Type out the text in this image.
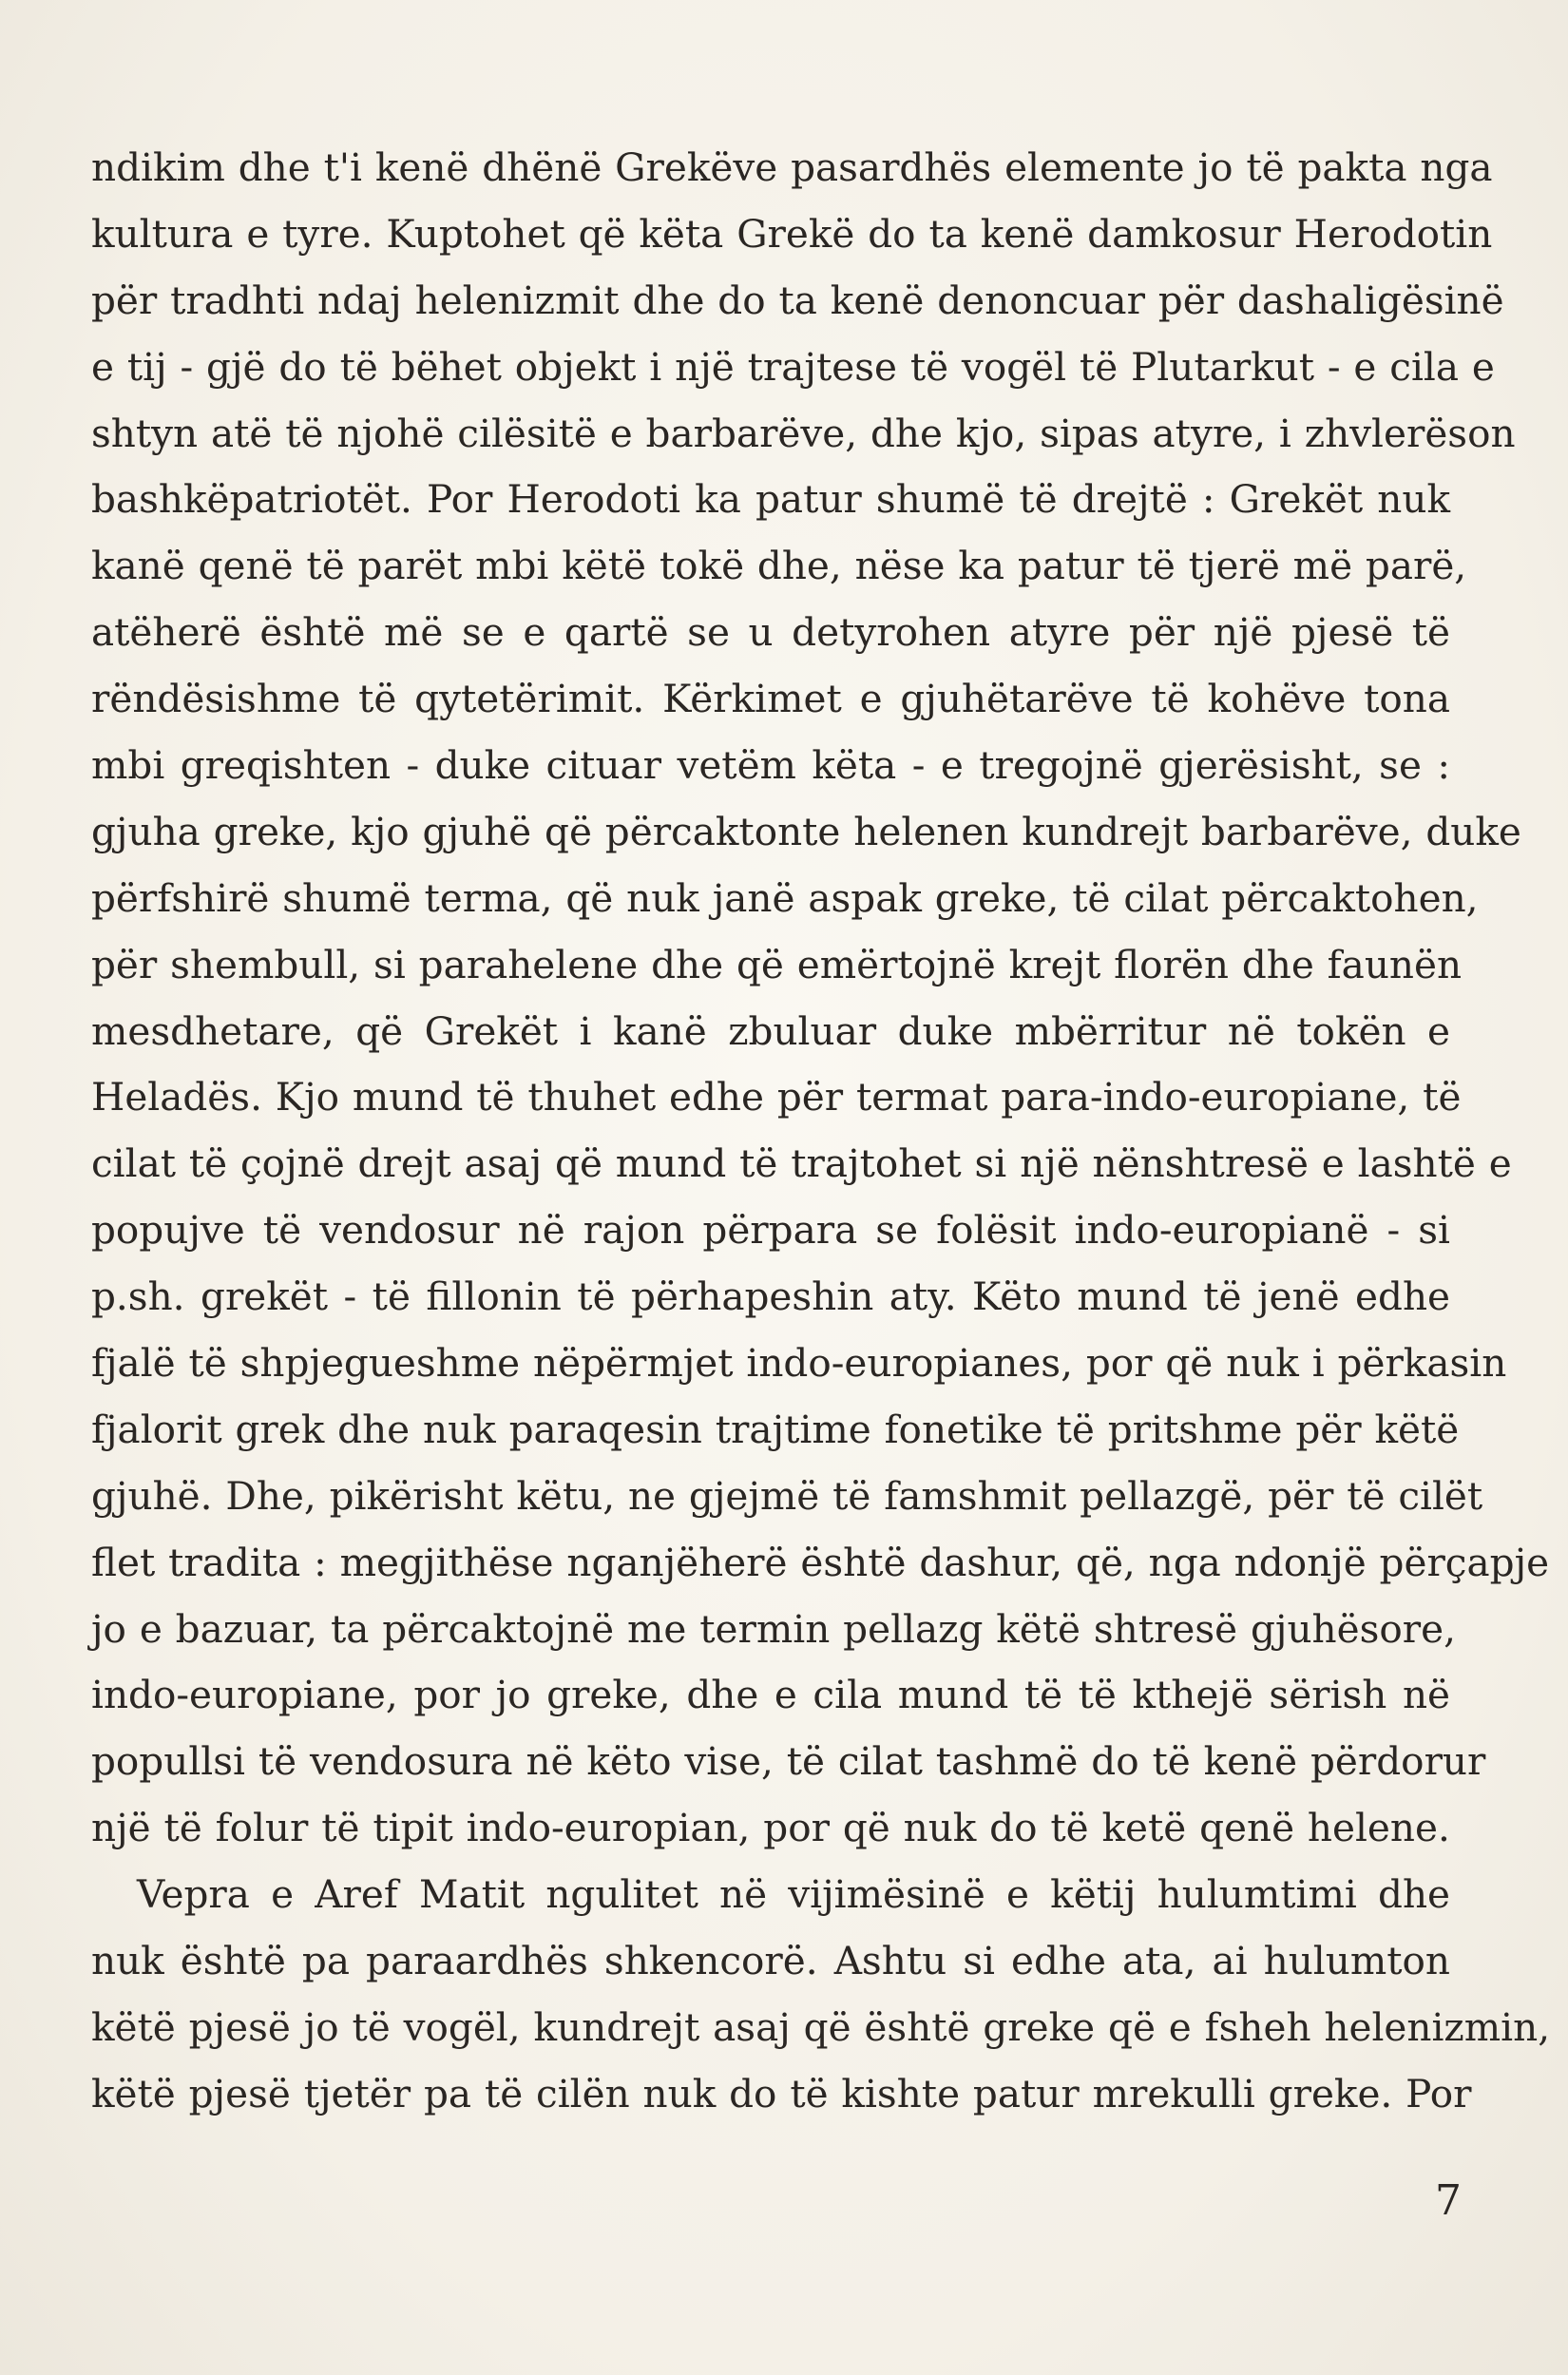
ndikim dhe t'i kenë dhënë Grekëve pasardhës elemente jo të pakta nga
kultura e tyre. Kuptohet që këta Grekë do ta kenë damkosur Herodotin
për tradhti ndaj helenizmit dhe do ta kenë denoncuar për dashaligësinë
e tij - gjë do të bëhet objekt i një trajtese të vogël të Plutarkut - e cila e
shtyn atë të njohë cilësitë e barbarëve, dhe kjo, sipas atyre, i zhvlerëson
bashkëpatriotët. Por Herodoti ka patur shumë të drejtë : Grekët nuk
kanë qenë të parët mbi këtë tokë dhe, nëse ka patur të tjerë më parë,
atëherë është më se e qartë se u detyrohen atyre për një pjesë të
rëndësishme të qytetërimit. Kërkimet e gjuhëtarëve të kohëve tona
mbi greqishten - duke cituar vetëm këta - e tregojnë gjerësisht, se :
gjuha greke, kjo gjuhë që përcaktonte helenen kundrejt barbarëve, duke
përfshirë shumë terma, që nuk janë aspak greke, të cilat përcaktohen,
për shembull, si parahelene dhe që emërtojnë krejt florën dhe faunën
mesdhetare, që Grekët i kanë zbuluar duke mbërritur në tokën e
Heladës. Kjo mund të thuhet edhe për termat para-indo-europiane, të
cilat të çojnë drejt asaj që mund të trajtohet si një nënshtresë e lashtë e
popujve të vendosur në rajon përpara se folësit indo-europianë - si
p.sh. grekët - të fillonin të përhapeshin aty. Këto mund të jenë edhe
fjalë të shpjegueshme nëpërmjet indo-europianes, por që nuk i përkasin
fjalorit grek dhe nuk paraqesin trajtime fonetike të pritshme për këtë
gjuhë. Dhe, pikërisht këtu, ne gjejmë të famshmit pellazgë, për të cilët
flet tradita : megjithëse nganjëherë është dashur, që, nga ndonjë përçapje
jo e bazuar, ta përcaktojnë me termin pellazg këtë shtresë gjuhësore,
indo-europiane, por jo greke, dhe e cila mund të të kthejë sërish në
popullsi të vendosura në këto vise, të cilat tashmë do të kenë përdorur
një të folur të tipit indo-europian, por që nuk do të ketë qenë helene.
Vepra e Aref Matit ngulitet në vijimësinë e këtij hulumtimi dhe
nuk është pa paraardhës shkencorë. Ashtu si edhe ata, ai hulumton
këtë pjesë jo të vogël, kundrejt asaj që është greke që e fsheh helenizmin,
këtë pjesë tjetër pa të cilën nuk do të kishte patur mrekulli greke. Por
7
